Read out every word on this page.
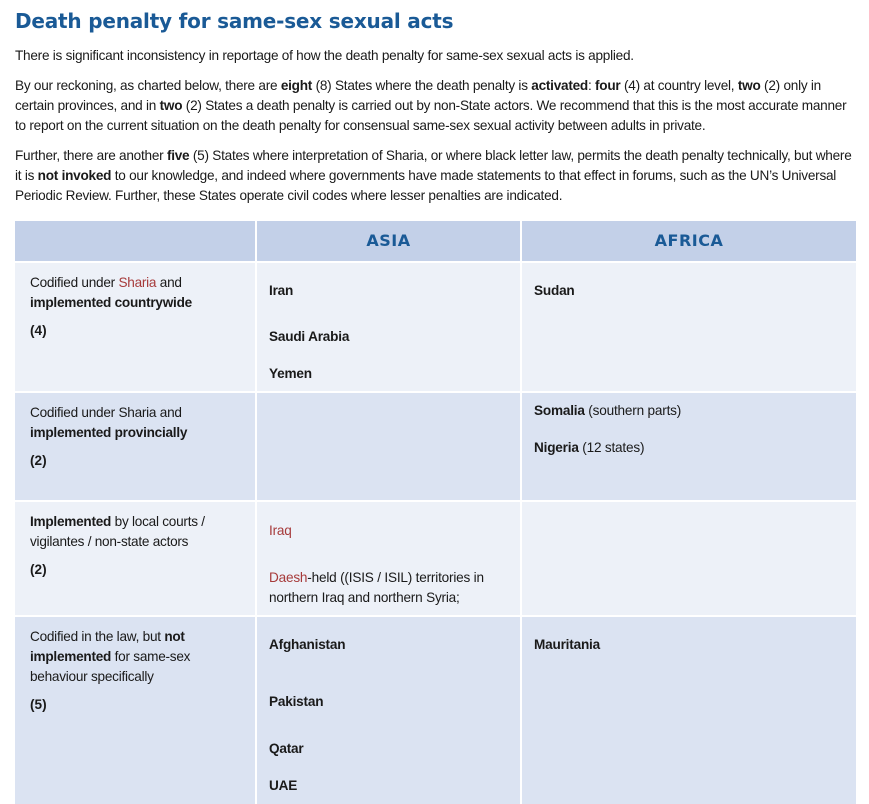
Death penalty for same-sex sexual acts

There is significant inconsistency in reportage of how the death penalty for same-sex sexual acts is applied.

By our reckoning, as charted below, there are eight (8) States where the death penalty is activated: four (4) at country level, two (2) only in certain provinces, and in two (2) States a death penalty is carried out by non-State actors. We recommend that this is the most accurate manner to report on the current situation on the death penalty for consensual same-sex sexual activity between adults in private.

Further, there are another five (5) States where interpretation of Sharia, or where black letter law, permits the death penalty technically, but where it is not invoked to our knowledge, and indeed where governments have made statements to that effect in forums, such as the UN’s Universal Periodic Review. Further, these States operate civil codes where lesser penalties are indicated.

ASIA	AFRICA
Codified under Sharia and implemented countrywide
(4)
Iran
Saudi Arabia
Yemen
Sudan
Codified under Sharia and implemented provincially
(2)
Somalia (southern parts)
Nigeria (12 states)
Implemented by local courts / vigilantes / non-state actors
(2)
Iraq
Daesh-held ((ISIS / ISIL) territories in northern Iraq and northern Syria;
Codified in the law, but not implemented for same-sex behaviour specifically
(5)
Afghanistan
Pakistan
Qatar
UAE
Mauritania
